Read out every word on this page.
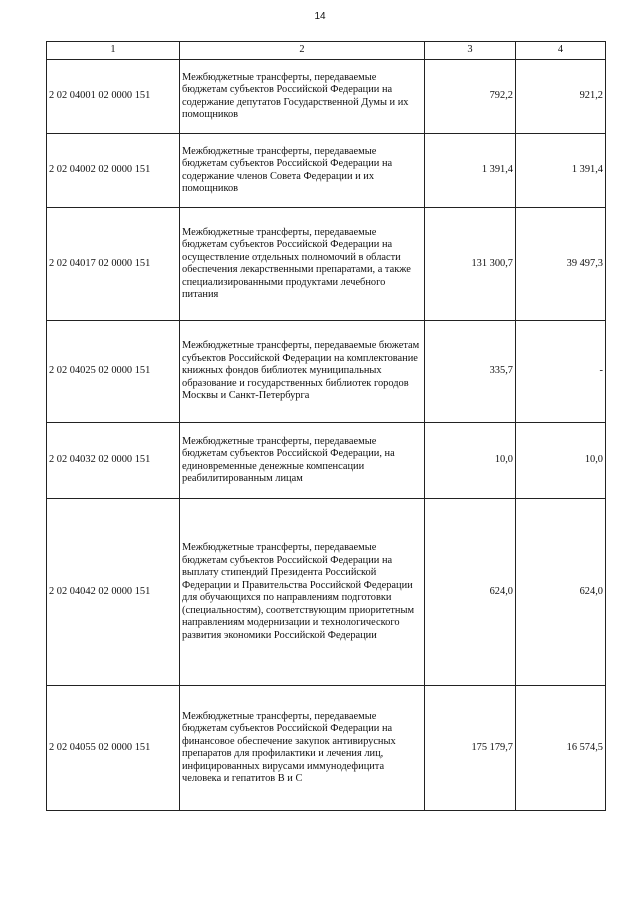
14
1	2	3	4
2 02 04001 02 0000 151	Межбюджетные трансферты, передаваемые бюджетам субъектов Российской Федерации на содержание депутатов Государственной Думы и их помощников	792,2	921,2
2 02 04002 02 0000 151	Межбюджетные трансферты, передаваемые бюджетам субъектов Российской Федерации на содержание членов Совета Федерации и их помощников	1 391,4	1 391,4
2 02 04017 02 0000 151	Межбюджетные трансферты, передаваемые бюджетам субъектов Российской Федерации на осуществление отдельных полномочий в области обеспечения лекарственными препаратами, а также специализированными продуктами лечебного питания	131 300,7	39 497,3
2 02 04025 02 0000 151	Межбюджетные трансферты, передаваемые бюжетам субъектов Российской Федерации на комплектование книжных фондов библиотек муниципальных образование и государственных библиотек городов Москвы и Санкт-Петербурга	335,7	-
2 02 04032 02 0000 151	Межбюджетные трансферты, передаваемые бюджетам субъектов Российской Федерации, на единовременные денежные компенсации реабилитированным лицам	10,0	10,0
2 02 04042 02 0000 151	Межбюджетные трансферты, передаваемые бюджетам субъектов Российской Федерации на выплату стипендий Президента Российской Федерации и Правительства Российской Федерации для обучающихся по направлениям подготовки (специальностям), соответствующим приоритетным направлениям модернизации и технологического развития экономики Российской Федерации	624,0	624,0
2 02 04055 02 0000 151	Межбюджетные трансферты, передаваемые бюджетам субъектов Российской Федерации на финансовое обеспечение закупок антивирусных препаратов для профилактики и лечения лиц, инфицированных вирусами иммунодефицита человека и гепатитов В и С	175 179,7	16 574,5
